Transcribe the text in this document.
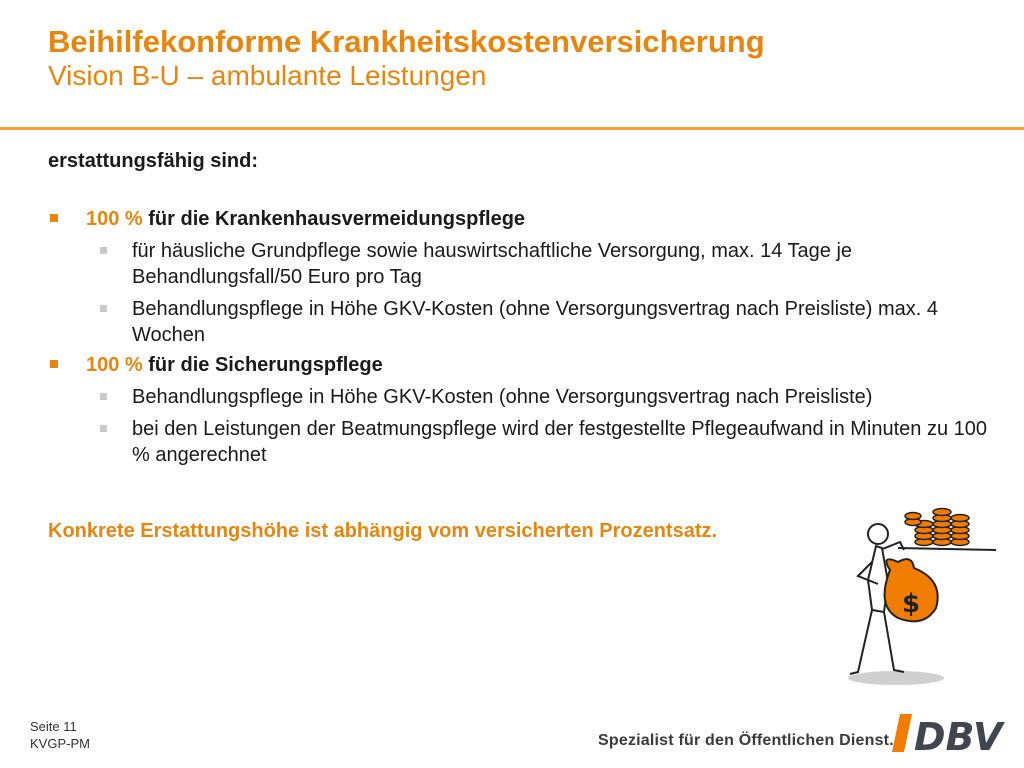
Beihilfekonforme Krankheitskostenversicherung
Vision B-U – ambulante Leistungen
erstattungsfähig sind:
100 % für die Krankenhausvermeidungspflege
für häusliche Grundpflege sowie hauswirtschaftliche Versorgung, max. 14 Tage je Behandlungsfall/50 Euro pro Tag
Behandlungspflege in Höhe GKV-Kosten (ohne Versorgungsvertrag nach Preisliste) max. 4 Wochen
100 % für die Sicherungspflege
Behandlungspflege in Höhe GKV-Kosten (ohne Versorgungsvertrag nach Preisliste)
bei den Leistungen der Beatmungspflege wird der festgestellte Pflegeaufwand in Minuten zu 100 % angerechnet
Konkrete Erstattungshöhe ist abhängig vom versicherten Prozentsatz.
$
Seite 11
KVGP-PM	Spezialist für den Öffentlichen Dienst. DBV
